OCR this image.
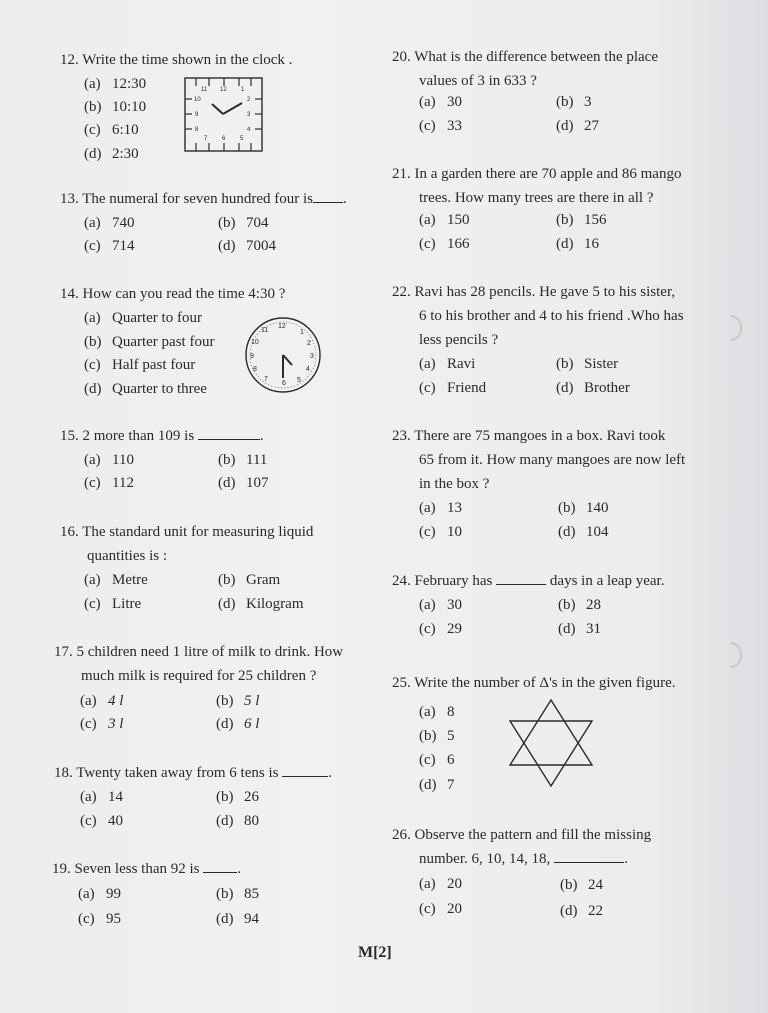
12. Write the time shown in the clock .
(a) 12:30
(b) 10:10
(c) 6:10
(d) 2:30
11 12 1
10	2
9	3
8	4
7 6 5
13. The numeral for seven hundred four is .
(a) 740	(b) 704
(c) 714	(d) 7004
14. How can you read the time 4:30 ?
(a) Quarter to four
(b) Quarter past four
(c) Half past four
(d) Quarter to three
11
12
1
10	2
9	3
8	4
7
6 5
15. 2 more than 109 is	.
(a) 110	(b) 111
(c) 112	(d) 107
16. The standard unit for measuring liquid
quantities is :
(a) Metre	(b) Gram
(c) Litre	(d) Kilogram
17. 5 children need 1 litre of milk to drink. How
much milk is required for 25 children ?
(a) 4 l	(b) 5 l
(c) 3 l	(d) 6 l
18. Twenty taken away from 6 tens is	.
(a) 14	(b) 26
(c) 40	(d) 80
19. Seven less than 92 is	.
(a) 99	(b) 85
(c) 95	(d) 94
20. What is the difference between the place
values of 3 in 633 ?
(a) 30	(b) 3
(c) 33	(d) 27
21. In a garden there are 70 apple and 86 mango
trees. How many trees are there in all ?
(a) 150	(b) 156
(c) 166	(d) 16
22. Ravi has 28 pencils. He gave 5 to his sister,
6 to his brother and 4 to his friend .Who has
less pencils ?
(a) Ravi	(b) Sister
(c) Friend	(d) Brother
23. There are 75 mangoes in a box. Ravi took
65 from it. How many mangoes are now left
in the box ?
(a) 13	(b) 140
(c) 10	(d) 104
24. February has	days in a leap year.
(a) 30	(b) 28
(c) 29	(d) 31
25. Write the number of Δ's in the given figure.
(a) 8
(b) 5
(c) 6
(d) 7
26. Observe the pattern and fill the missing
number. 6, 10, 14, 18,	.
(a) 20	(b) 24
(c) 20	(d) 22
M[2]
